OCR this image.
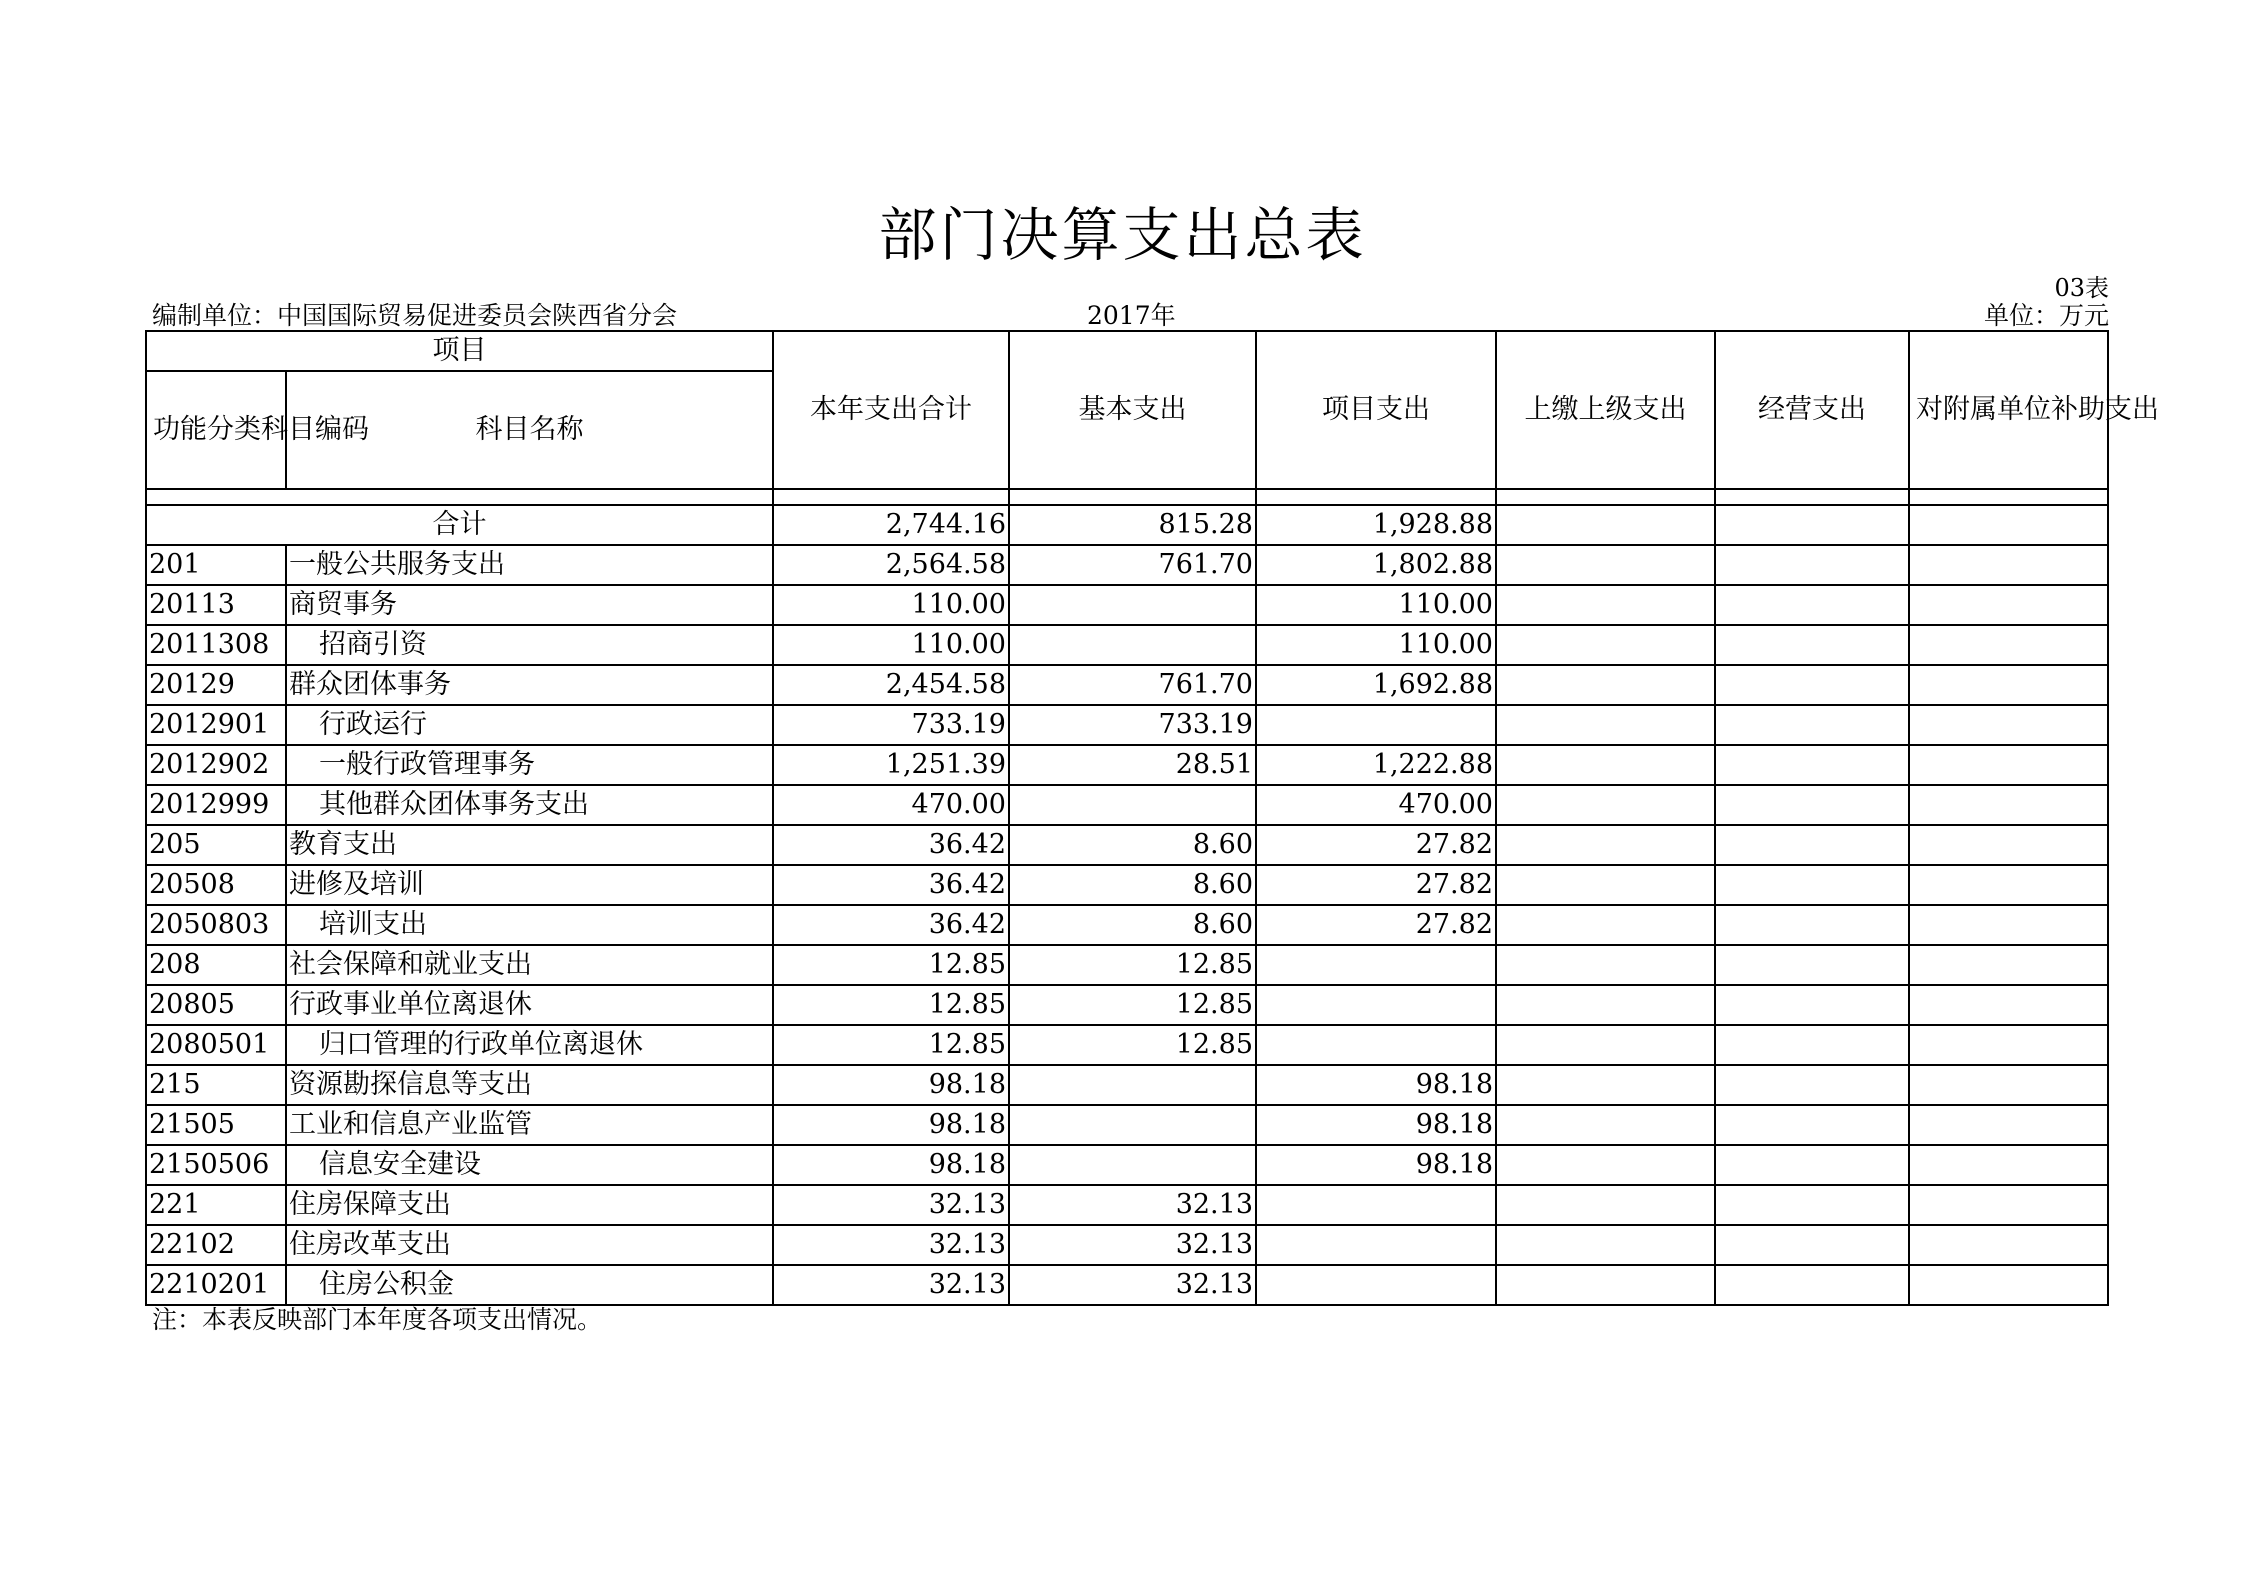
部门决算支出总表
03表
编制单位：中国国际贸易促进委员会陕西省分会	2017年	单位：万元
项目		本年支出合计	基本支出	项目支出	上缴上级支出	经营支出	对附属单位补助支出
功能分类科目编码	科目名称						

合计		2,744.16	815.28	1,928.88			
201	一般公共服务支出	2,564.58	761.70	1,802.88			
20113	商贸事务	110.00		110.00			
2011308	招商引资	110.00		110.00			
20129	群众团体事务	2,454.58	761.70	1,692.88			
2012901	行政运行	733.19	733.19				
2012902	一般行政管理事务	1,251.39	28.51	1,222.88			
2012999	其他群众团体事务支出	470.00		470.00			
205	教育支出	36.42	8.60	27.82			
20508	进修及培训	36.42	8.60	27.82			
2050803	培训支出	36.42	8.60	27.82			
208	社会保障和就业支出	12.85	12.85				
20805	行政事业单位离退休	12.85	12.85				
2080501	归口管理的行政单位离退休	12.85	12.85				
215	资源勘探信息等支出	98.18		98.18			
21505	工业和信息产业监管	98.18		98.18			
2150506	信息安全建设	98.18		98.18			
221	住房保障支出	32.13	32.13				
22102	住房改革支出	32.13	32.13				
2210201	住房公积金	32.13	32.13				
注：本表反映部门本年度各项支出情况。
